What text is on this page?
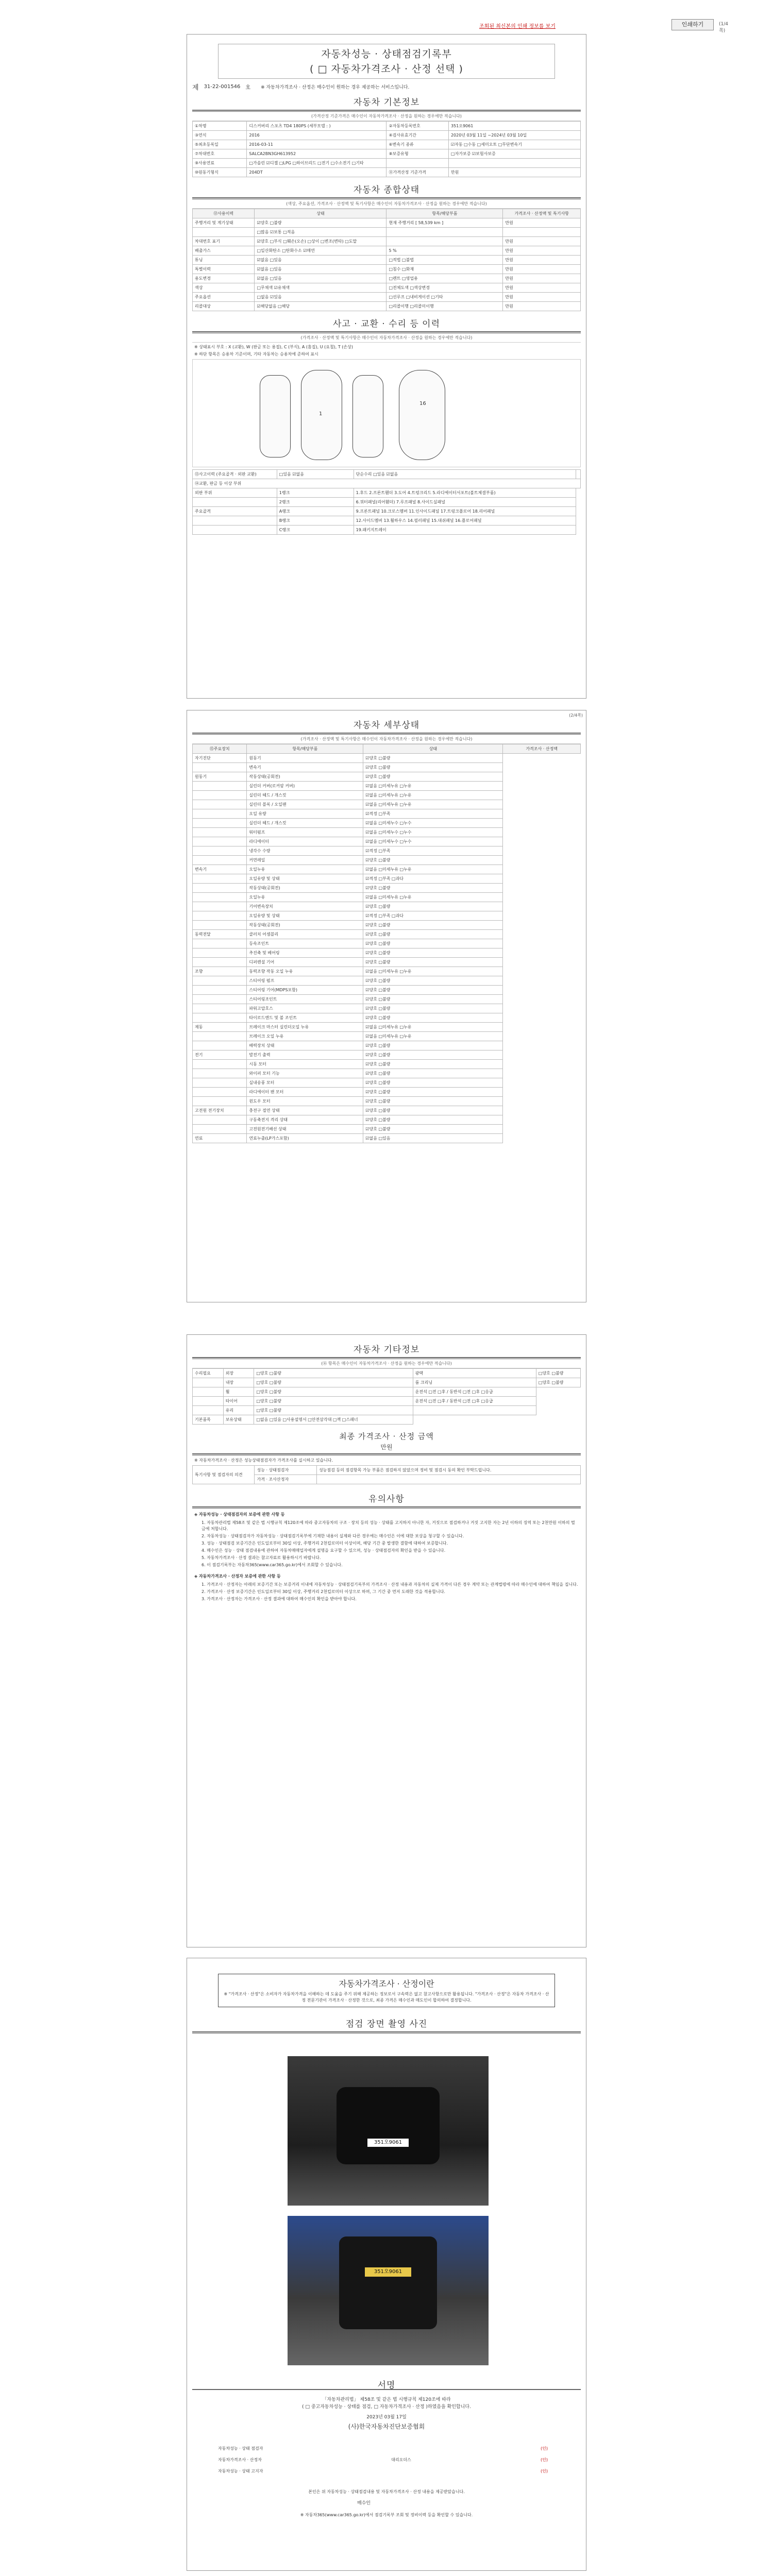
조회된 최신본의 인쇄 정보를 보기	인쇄하기	(1/4쪽)
자동차성능 · 상태점검기록부
( □ 자동차가격조사 · 산정 선택 )
제 31-22-001546 호 ※ 자동차가격조사 · 산정은 매수인이 원하는 경우 제공하는 서비스입니다.
자동차 기본정보
(가격산정 기준가격은 매수인이 자동차가격조사 · 산정을 원하는 경우에만 적습니다)
①차명	디스커버리 스포츠 TD4 180PS (세부모델 : )	②자동차등록번호	351오9061
③연식	2016	④검사유효기간	2020년 03월 11일 ~2024년 03월 10일
⑤최초등록일	2016-03-11	⑥변속기 종류	☑자동 □수동 □세미오토 □무단변속기
⑦차대번호	SALCA2BN3GH613952	⑧보증유형	□자가보증 ☑보험사보증
⑨사용연료	□가솔린 ☑디젤 □LPG □하이브리드 □전기 □수소전기 □기타		
⑩원동기형식	204DT	⑪가격산정 기준가격	만원
자동차 종합상태
(색상, 주요옵션, 가격조사 · 산정액 및 특기사항은 매수인이 자동차가격조사 · 산정을 원하는 경우에만 적습니다)
⑫사용이력	상태	항목/해당부품	가격조사 · 산정액 및 특기사항
주행거리 및 계기상태	☑양호 □불량	현재 주행거리 [ 58,539 km ]	만원
	□많음 ☑보통 □적음		
차대번호 표기	☑양호 □부식 □훼손(오손) □상이 □변조(변타) □도말		만원
배출가스	□일산화탄소 □탄화수소 ☑매연	5 %	만원
튜닝	☑없음 □있음	□적법 □불법	만원
특별이력	☑없음 □있음	□침수 □화재	만원
용도변경	☑없음 □있음	□렌트 □영업용	만원
색상	□무채색 ☑유채색	□전체도색 □색상변경	만원
주요옵션	□없음 ☑있음	□선루프 □내비게이션 □기타	만원
리콜대상	☑해당없음 □해당	□리콜이행 □리콜미이행	만원
사고 · 교환 · 수리 등 이력
(가격조사 · 산정액 및 특기사항은 매수인이 자동차가격조사 · 산정을 원하는 경우에만 적습니다)
※ 상태표시 부호 : X (교환), W (판금 또는 용접), C (부식), A (흠집), U (요철), T (손상)
※ 하단 항목은 승용차 기준이며, 기타 자동차는 승용차에 준하여 표시
1
16
⑬사고이력 (주요골격 · 외판 교환)	□있음 ☑없음	단순수리 □있음 ☑없음	
⑭교환, 판금 등 이상 부위			
외판 부위	1랭크	1.후드 2.프론트휀더 3.도어 4.트렁크리드 5.라디에이터서포트(볼트체결부품)	
	2랭크	6.쿼터패널(리어휀더) 7.루프패널 8.사이드실패널	
주요골격	A랭크	9.프론트패널 10.크로스멤버 11.인사이드패널 17.트렁크플로어 18.리어패널	
	B랭크	12.사이드멤버 13.휠하우스 14.필러패널 15.대쉬패널 16.플로어패널	
	C랭크	19.패키지트레이	
(2/4쪽)
자동차 세부상태
(가격조사 · 산정액 및 특기사항은 매수인이 자동차가격조사 · 산정을 원하는 경우에만 적습니다)
⑮주요장치	항목/해당부품	상태	가격조사 · 산정액
자기진단	원동기	☑양호 □불량	
	변속기	☑양호 □불량	
원동기	작동상태(공회전)	☑양호 □불량	
	실린더 커버(로커암 커버)	☑없음 □미세누유 □누유	
	실린더 헤드 / 개스킷	☑없음 □미세누유 □누유	
	실린더 블록 / 오일팬	☑없음 □미세누유 □누유	
	오일 유량	☑적정 □부족	
	실린더 헤드 / 개스킷	☑없음 □미세누수 □누수	
	워터펌프	☑없음 □미세누수 □누수	
	라디에이터	☑없음 □미세누수 □누수	
	냉각수 수량	☑적정 □부족	
	커먼레일	☑양호 □불량	
변속기	오일누유	☑없음 □미세누유 □누유	
	오일유량 및 상태	☑적정 □부족 □과다	
	작동상태(공회전)	☑양호 □불량	
	오일누유	☑없음 □미세누유 □누유	
	기어변속장치	☑양호 □불량	
	오일유량 및 상태	☑적정 □부족 □과다	
	작동상태(공회전)	☑양호 □불량	
동력전달	클러치 어셈블리	☑양호 □불량	
	등속조인트	☑양호 □불량	
	추진축 및 베어링	☑양호 □불량	
	디퍼렌셜 기어	☑양호 □불량	
조향	동력조향 작동 오일 누유	☑없음 □미세누유 □누유	
	스티어링 펌프	☑양호 □불량	
	스티어링 기어(MDPS포함)	☑양호 □불량	
	스티어링조인트	☑양호 □불량	
	파워고압호스	☑양호 □불량	
	타이로드엔드 및 볼 조인트	☑양호 □불량	
제동	브레이크 마스터 실린더오일 누유	☑없음 □미세누유 □누유	
	브레이크 오일 누유	☑없음 □미세누유 □누유	
	배력장치 상태	☑양호 □불량	
전기	발전기 출력	☑양호 □불량	
	시동 모터	☑양호 □불량	
	와이퍼 모터 기능	☑양호 □불량	
	실내송풍 모터	☑양호 □불량	
	라디에이터 팬 모터	☑양호 □불량	
	윈도우 모터	☑양호 □불량	
고전원 전기장치	충전구 절연 상태	☑양호 □불량	
	구동축전지 격리 상태	☑양호 □불량	
	고전원전기배선 상태	☑양호 □불량	
연료	연료누출(LP가스포함)	☑없음 □있음	
자동차 기타정보
(⑯ 항목은 매수인이 자동차가격조사 · 산정을 원하는 경우에만 적습니다)
수리필요	외장	□양호 □불량	광택	□양호 □불량
	내장	□양호 □불량	룸 크리닝	□양호 □불량
	휠	□양호 □불량	운전석 □전 □후 / 동반석 □전 □후 □응급	
	타이어	□양호 □불량	운전석 □전 □후 / 동반석 □전 □후 □응급	
	유리	□양호 □불량		
기본품목	보유상태	□없음 □있음 □사용설명서 □안전삼각대 □잭 □스패너		
최종 가격조사 · 산정 금액
만원
※ 자동차가격조사 · 산정은 성능상태점검자가 가격조사를 실시하고 있습니다.
특기사항 및 점검자의 의견	성능 · 상태점검자	성능점검 등의 점검항목 가능 부품은 점검하지 않았으며 정비 및 점검시 동의 확인 부탁드립니다.
	가격 · 조사산정자	
유의사항
◈ 자동차성능 · 상태점검자의 보증에 관한 사항 등
1. 자동차관리법 제58조 및 같은 법 시행규칙 제120조에 따라 중고자동차의 구조 · 장치 등의 성능 · 상태를 고지하지 아니한 자, 거짓으로 점검하거나 거짓 고지한 자는 2년 이하의 징역 또는 2천만원 이하의 벌금에 처합니다.
2. 자동차성능 · 상태점검자가 자동차성능 · 상태점검기록부에 기재한 내용이 실제와 다른 경우에는 매수인은 이에 대한 보상을 청구할 수 있습니다.
3. 성능 · 상태점검 보증기간은 인도일로부터 30일 이상, 주행거리 2천킬로미터 이상이며, 해당 기간 중 발생한 결함에 대하여 보증합니다.
4. 매수인은 성능 · 상태 점검내용에 관하여 자동차매매업자에게 설명을 요구할 수 있으며, 성능 · 상태점검자의 확인을 받을 수 있습니다.
5. 자동차가격조사 · 산정 결과는 참고자료로 활용하시기 바랍니다.
6. 이 점검기록부는 자동차365(www.car365.go.kr)에서 조회할 수 있습니다.
◈ 자동차가격조사 · 산정자 보증에 관한 사항 등
1. 가격조사 · 산정자는 아래의 보증기간 또는 보증거리 이내에 자동차성능 · 상태점검기록부의 가격조사 · 산정 내용과 자동차의 실제 가격이 다른 경우 계약 또는 관계법령에 따라 매수인에 대하여 책임을 집니다.
2. 가격조사 · 산정 보증기간은 인도일로부터 30일 이상, 주행거리 2천킬로미터 이상으로 하며, 그 기간 중 먼저 도래한 것을 적용합니다.
3. 가격조사 · 산정자는 가격조사 · 산정 결과에 대하여 매수인의 확인을 받아야 합니다.
자동차가격조사 · 산정이란
※ "가격조사 · 산정"은 소비자가 자동차가격을 이해하는 데 도움을 주기 위해 제공하는 정보로서 구속력은 없고 참고사항으로만 활용됩니다. "가격조사 · 산정"은 자동차 가격조사 · 산정 전문기관이 가격조사 · 산정한 것으로, 최종 가격은 매수인과 매도인이 합의하여 결정합니다.
점검 장면 촬영 사진
351오9061
351오9061
서명
「자동차관리법」 제58조 및 같은 법 시행규칙 제120조에 따라
( □ 중고자동차성능 · 상태를 점검, □ 자동차가격조사 · 산정 )하였음을 확인합니다.
2023년 03월 17일
(사)한국자동차진단보증협회
자동차성능 · 상태 점검자	(인)
자동차가격조사 · 산정자	대리오더스	(인)
자동차성능 · 상태 고지자	(인)
본인은 위 자동차성능 · 상태점검내용 및 자동차가격조사 · 산정 내용을 제공받았습니다.
매수인
※ 자동차365(www.car365.go.kr)에서 점검기록부 조회 및 정비이력 등을 확인할 수 있습니다.
